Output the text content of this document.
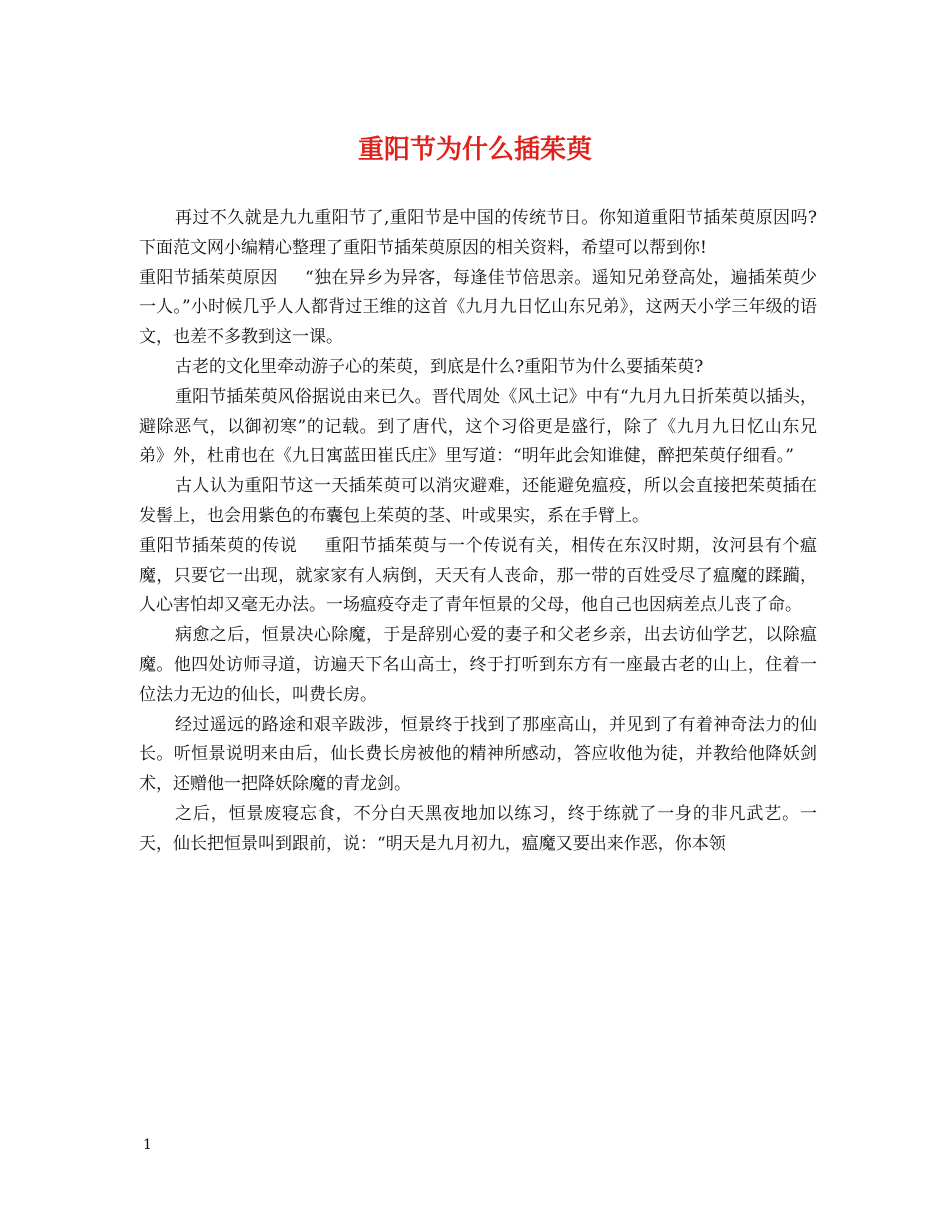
重阳节为什么插茱萸

再过不久就是九九重阳节了,重阳节是中国的传统节日。你知道重阳节插茱萸原因吗?下面范文网小编精心整理了重阳节插茱萸原因的相关资料，希望可以帮到你!

重阳节插茱萸原因 “独在异乡为异客，每逢佳节倍思亲。遥知兄弟登高处，遍插茱萸少一人。”小时候几乎人人都背过王维的这首《九月九日忆山东兄弟》，这两天小学三年级的语文，也差不多教到这一课。

古老的文化里牵动游子心的茱萸，到底是什么?重阳节为什么要插茱萸?

重阳节插茱萸风俗据说由来已久。晋代周处《风土记》中有“九月九日折茱萸以插头，避除恶气，以御初寒”的记载。到了唐代，这个习俗更是盛行，除了《九月九日忆山东兄弟》外，杜甫也在《九日寓蓝田崔氏庄》里写道：“明年此会知谁健，醉把茱萸仔细看。”

古人认为重阳节这一天插茱萸可以消灾避难，还能避免瘟疫，所以会直接把茱萸插在发髻上，也会用紫色的布囊包上茱萸的茎、叶或果实，系在手臂上。

重阳节插茱萸的传说 重阳节插茱萸与一个传说有关，相传在东汉时期，汝河县有个瘟魔，只要它一出现，就家家有人病倒，天天有人丧命，那一带的百姓受尽了瘟魔的蹂躏，人心害怕却又毫无办法。一场瘟疫夺走了青年恒景的父母，他自己也因病差点儿丧了命。

病愈之后，恒景决心除魔，于是辞别心爱的妻子和父老乡亲，出去访仙学艺，以除瘟魔。他四处访师寻道，访遍天下名山高士，终于打听到东方有一座最古老的山上，住着一位法力无边的仙长，叫费长房。

经过遥远的路途和艰辛跋涉，恒景终于找到了那座高山，并见到了有着神奇法力的仙长。听恒景说明来由后，仙长费长房被他的精神所感动，答应收他为徒，并教给他降妖剑术，还赠他一把降妖除魔的青龙剑。

之后，恒景废寝忘食，不分白天黑夜地加以练习，终于练就了一身的非凡武艺。一天，仙长把恒景叫到跟前，说：“明天是九月初九，瘟魔又要出来作恶，你本领

1
